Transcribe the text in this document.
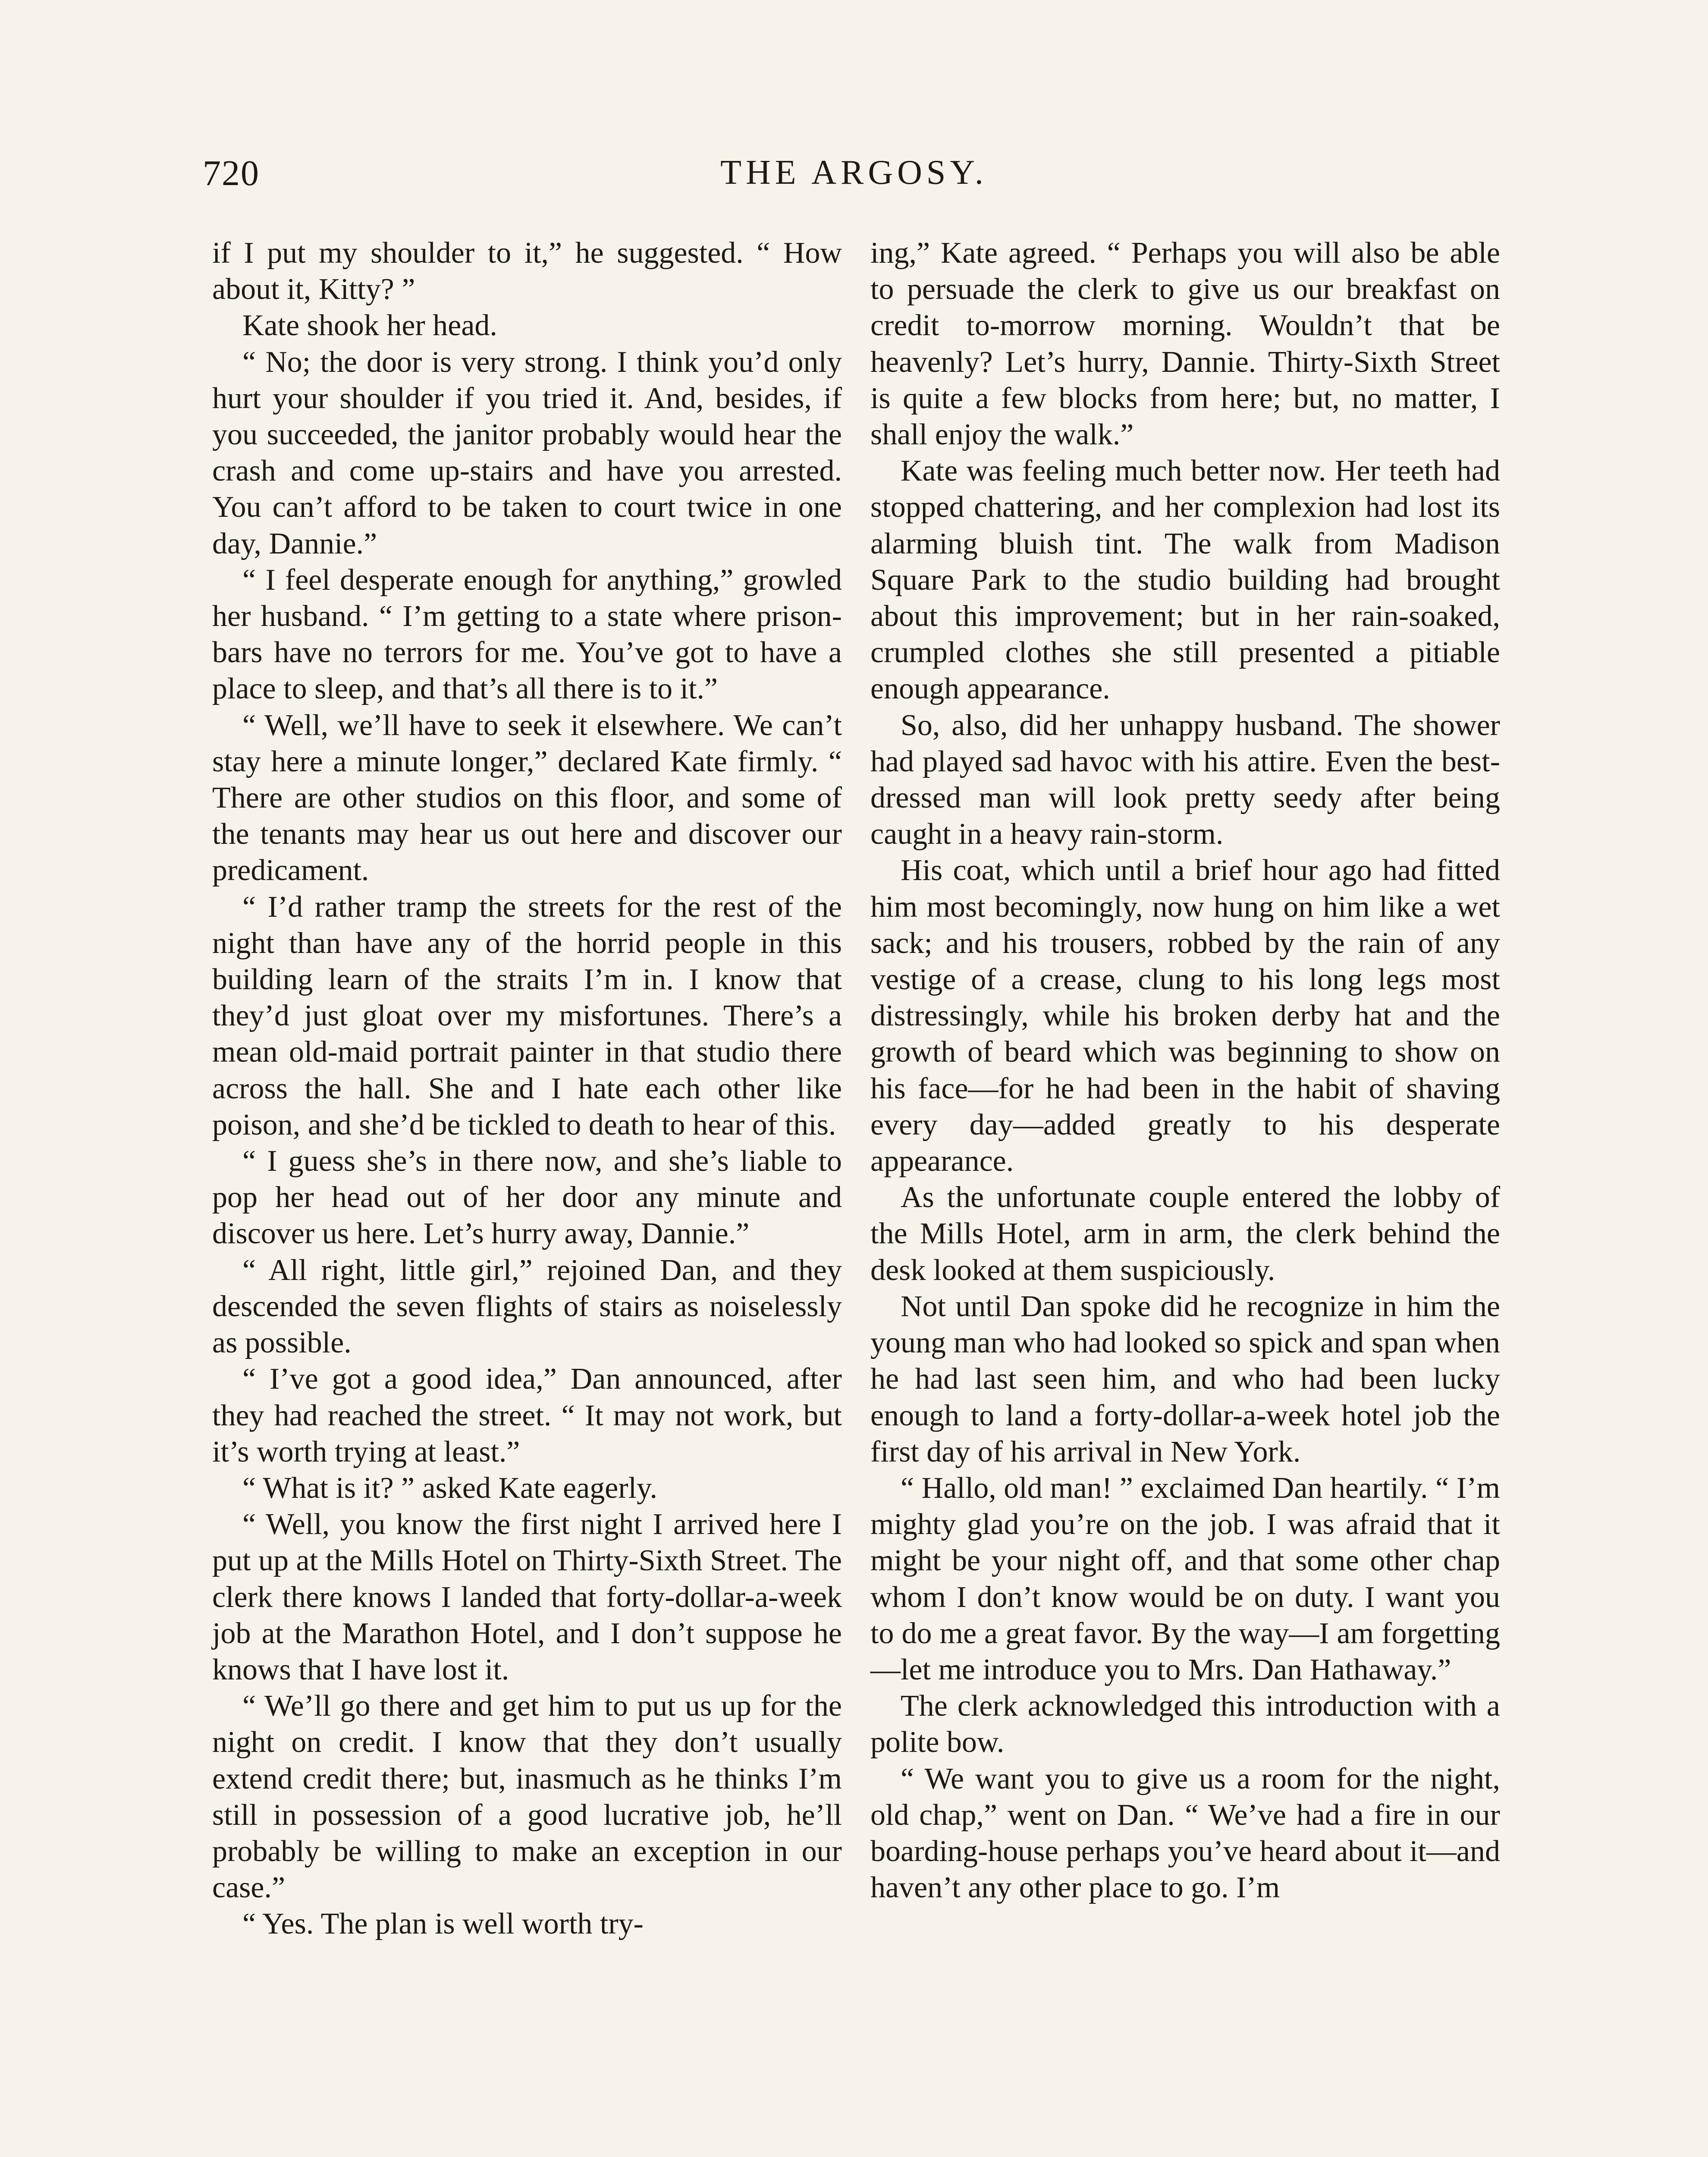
720	THE ARGOSY.

if I put my shoulder to it,” he suggested. “ How about it, Kitty? ”

Kate shook her head.

“ No; the door is very strong. I think you’d only hurt your shoulder if you tried it. And, besides, if you succeeded, the janitor probably would hear the crash and come up-stairs and have you arrested. You can’t afford to be taken to court twice in one day, Dannie.”

“ I feel desperate enough for anything,” growled her husband. “ I’m getting to a state where prison-bars have no terrors for me. You’ve got to have a place to sleep, and that’s all there is to it.”

“ Well, we’ll have to seek it elsewhere. We can’t stay here a minute longer,” declared Kate firmly. “ There are other studios on this floor, and some of the tenants may hear us out here and discover our predicament.

“ I’d rather tramp the streets for the rest of the night than have any of the horrid people in this building learn of the straits I’m in. I know that they’d just gloat over my misfortunes. There’s a mean old-maid portrait painter in that studio there across the hall. She and I hate each other like poison, and she’d be tickled to death to hear of this.

“ I guess she’s in there now, and she’s liable to pop her head out of her door any minute and discover us here. Let’s hurry away, Dannie.”

“ All right, little girl,” rejoined Dan, and they descended the seven flights of stairs as noiselessly as possible.

“ I’ve got a good idea,” Dan announced, after they had reached the street. “ It may not work, but it’s worth trying at least.”

“ What is it? ” asked Kate eagerly.

“ Well, you know the first night I arrived here I put up at the Mills Hotel on Thirty-Sixth Street. The clerk there knows I landed that forty-dollar-a-week job at the Marathon Hotel, and I don’t suppose he knows that I have lost it.

“ We’ll go there and get him to put us up for the night on credit. I know that they don’t usually extend credit there; but, inasmuch as he thinks I’m still in possession of a good lucrative job, he’ll probably be willing to make an exception in our case.”

“ Yes. The plan is well worth try-

ing,” Kate agreed. “ Perhaps you will also be able to persuade the clerk to give us our breakfast on credit to-morrow morning. Wouldn’t that be heavenly? Let’s hurry, Dannie. Thirty-Sixth Street is quite a few blocks from here; but, no matter, I shall enjoy the walk.”

Kate was feeling much better now. Her teeth had stopped chattering, and her complexion had lost its alarming bluish tint. The walk from Madison Square Park to the studio building had brought about this improvement; but in her rain-soaked, crumpled clothes she still presented a pitiable enough appearance.

So, also, did her unhappy husband. The shower had played sad havoc with his attire. Even the best-dressed man will look pretty seedy after being caught in a heavy rain-storm.

His coat, which until a brief hour ago had fitted him most becomingly, now hung on him like a wet sack; and his trousers, robbed by the rain of any vestige of a crease, clung to his long legs most distressingly, while his broken derby hat and the growth of beard which was beginning to show on his face—for he had been in the habit of shaving every day—added greatly to his desperate appearance.

As the unfortunate couple entered the lobby of the Mills Hotel, arm in arm, the clerk behind the desk looked at them suspiciously.

Not until Dan spoke did he recognize in him the young man who had looked so spick and span when he had last seen him, and who had been lucky enough to land a forty-dollar-a-week hotel job the first day of his arrival in New York.

“ Hallo, old man! ” exclaimed Dan heartily. “ I’m mighty glad you’re on the job. I was afraid that it might be your night off, and that some other chap whom I don’t know would be on duty. I want you to do me a great favor. By the way—I am forgetting—let me introduce you to Mrs. Dan Hathaway.”

The clerk acknowledged this introduction with a polite bow.

“ We want you to give us a room for the night, old chap,” went on Dan. “ We’ve had a fire in our boarding-house perhaps you’ve heard about it—and haven’t any other place to go. I’m
